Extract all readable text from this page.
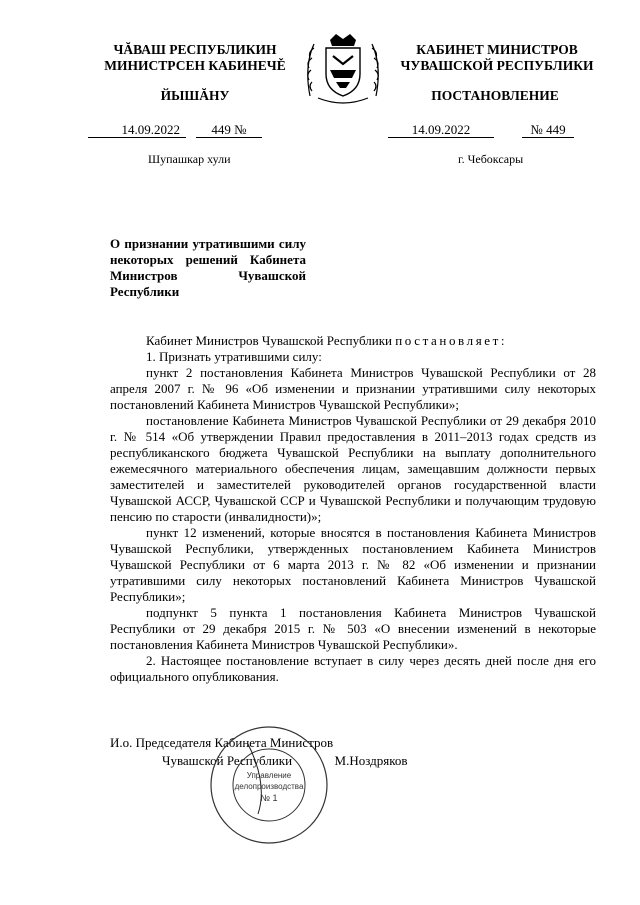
ЧĂВАШ РЕСПУБЛИКИН
МИНИСТРСЕН КАБИНЕЧĚ
КАБИНЕТ МИНИСТРОВ
ЧУВАШСКОЙ РЕСПУБЛИКИ
ЙЫШĂНУ	ПОСТАНОВЛЕНИЕ
14.09.2022	449 №	14.09.2022	№ 449
Шупашкар хули	г. Чебоксары
О признании утратившими силу некоторых решений Кабинета Министров Чувашской Республики

Кабинет Министров Чувашской Республики постановляет:

1. Признать утратившими силу:

пункт 2 постановления Кабинета Министров Чувашской Республики от 28 апреля 2007 г. № 96 «Об изменении и признании утратившими силу некоторых постановлений Кабинета Министров Чувашской Республики»;

постановление Кабинета Министров Чувашской Республики от 29 декабря 2010 г. № 514 «Об утверждении Правил предоставления в 2011–2013 годах средств из республиканского бюджета Чувашской Республики на выплату дополнительного ежемесячного материального обеспечения лицам, замещавшим должности первых заместителей и заместителей руководителей органов государственной власти Чувашской АССР, Чувашской ССР и Чувашской Республики и получающим трудовую пенсию по старости (инвалидности)»;

пункт 12 изменений, которые вносятся в постановления Кабинета Министров Чувашской Республики, утвержденных постановлением Кабинета Министров Чувашской Республики от 6 марта 2013 г. № 82 «Об изменении и признании утратившими силу некоторых постановлений Кабинета Министров Чувашской Республики»;

подпункт 5 пункта 1 постановления Кабинета Министров Чувашской Республики от 29 декабря 2015 г. № 503 «О внесении изменений в некоторые постановления Кабинета Министров Чувашской Республики».

2. Настоящее постановление вступает в силу через десять дней после дня его официального опубликования.

И.о. Председателя Кабинета Министров
Чувашской Республики	М.Ноздряков
Управление
делопроизводства
№ 1
